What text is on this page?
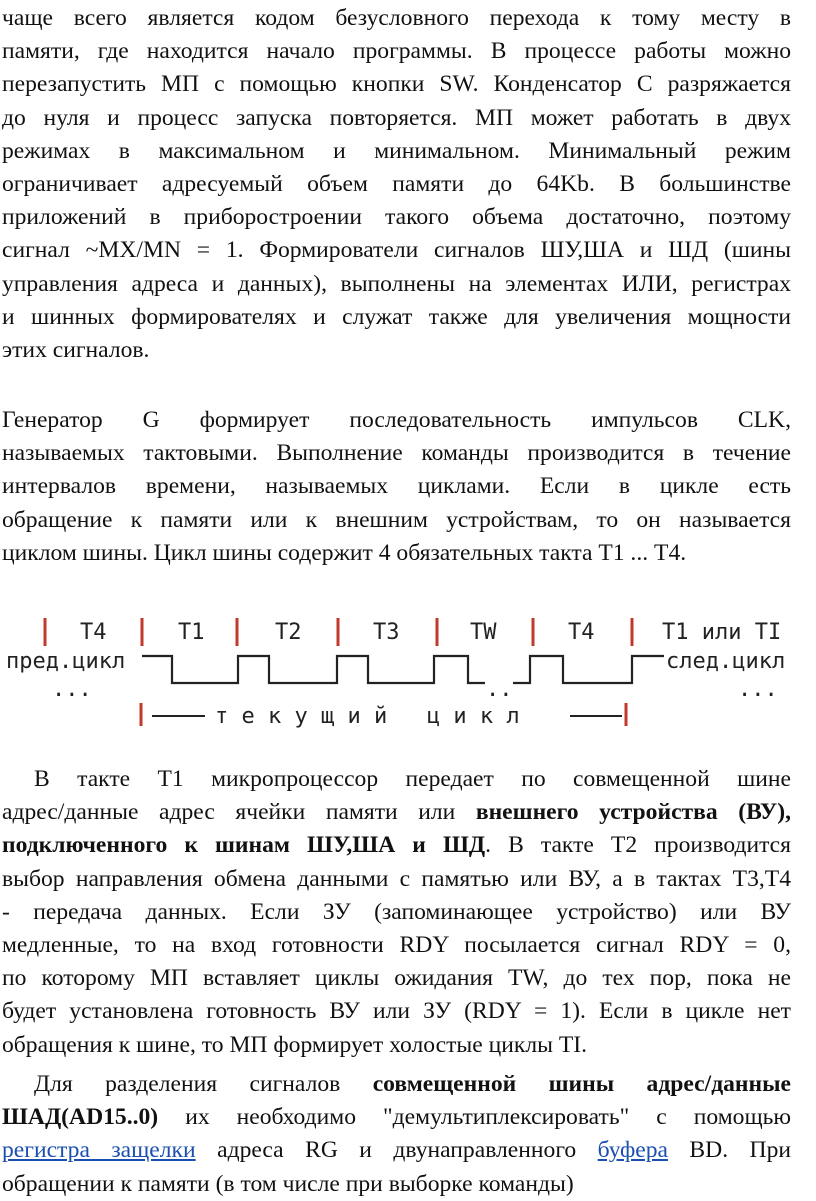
чаще всего является кодом безусловного перехода к тому месту в
памяти, где находится начало программы. В процессе работы можно
перезапустить МП с помощью кнопки SW. Конденсатор С разряжается
до нуля и процесс запуска повторяется. МП может работать в двух
режимах в максимальном и минимальном. Минимальный режим
ограничивает адресуемый объем памяти до 64Kb. В большинстве
приложений в приборостроении такого объема достаточно, поэтому
сигнал ~MX/MN = 1. Формирователи сигналов ШУ,ША и ШД (шины
управления адреса и данных), выполнены на элементах ИЛИ, регистрах
и шинных формирователях и служат также для увеличения мощности
этих сигналов.
Генератор G формирует последовательность импульсов CLK,
называемых тактовыми. Выполнение команды производится в течение
интервалов времени, называемых циклами. Если в цикле есть
обращение к памяти или к внешним устройствам, то он называется
циклом шины. Цикл шины содержит 4 обязательных такта Т1 ... Т4.
T4	T1	T2	T3	TW	T4	T1 или TI
пред.цикл	след.цикл
...	..	...
т е к у щ и й   ц и к л
В такте Т1 микропроцессор передает по совмещенной шине
адрес/данные адрес ячейки памяти или внешнего устройства (ВУ),
подключенного к шинам ШУ,ША и ШД. В такте Т2 производится
выбор направления обмена данными с памятью или ВУ, а в тактах Т3,Т4
- передача данных. Если ЗУ (запоминающее устройство) или ВУ
медленные, то на вход готовности RDY посылается сигнал RDY = 0,
по которому МП вставляет циклы ожидания TW, до тех пор, пока не
будет установлена готовность ВУ или ЗУ (RDY = 1). Если в цикле нет
обращения к шине, то МП формирует холостые циклы TI.
Для разделения сигналов совмещенной шины адрес/данные
ШАД(AD15..0) их необходимо "демультиплексировать" с помощью
регистра защелки адреса RG и двунаправленного буфера BD. При
обращении к памяти (в том числе при выборке команды)
